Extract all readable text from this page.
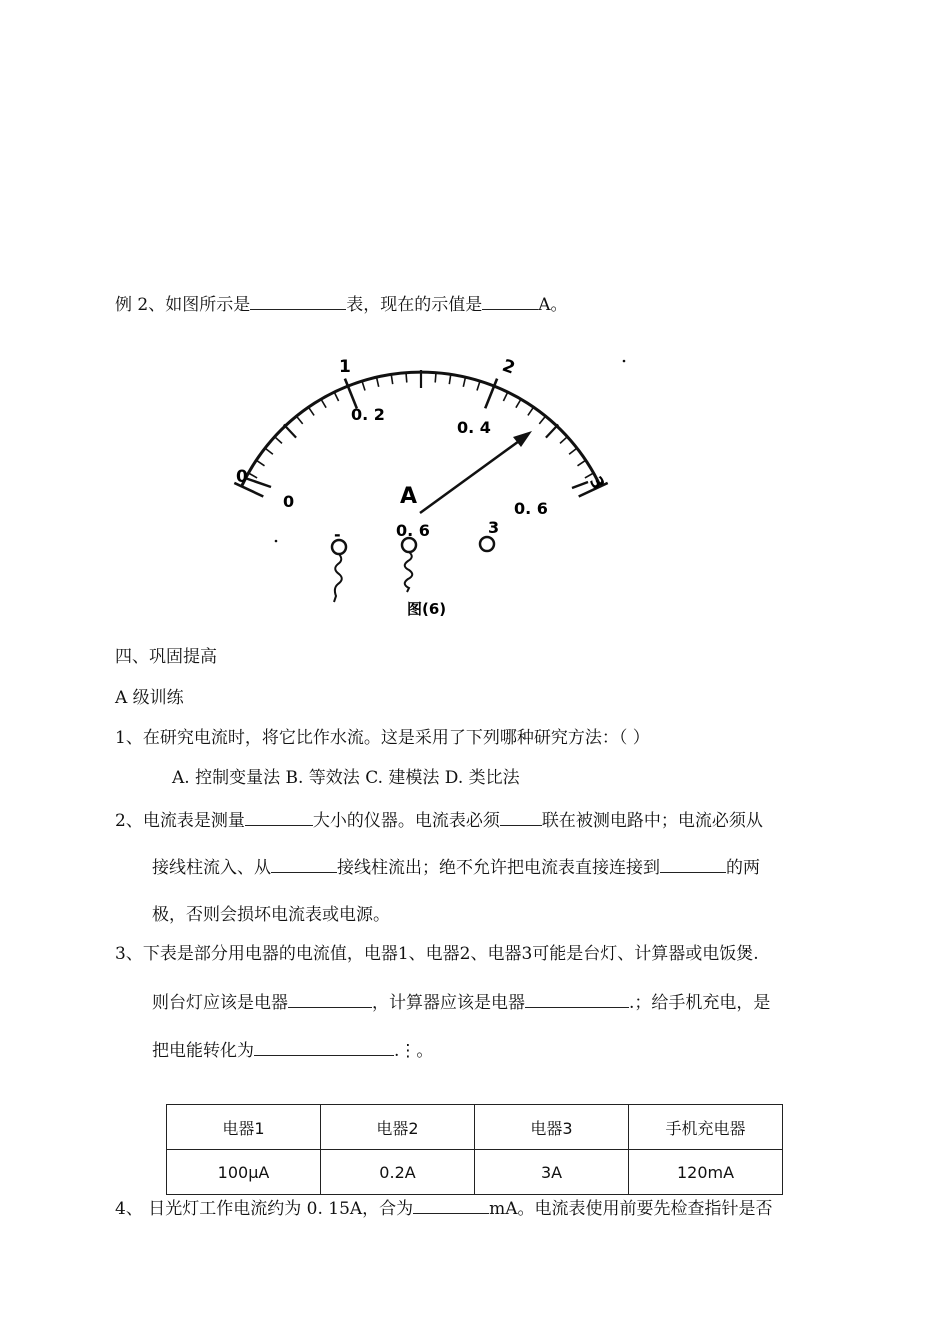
例 2、如图所示是	表，现在的示值是	A。
0
1	2
3
0
0. 2
0. 4
0. 6
A
-	0. 6	3
图(6)
四、巩固提高
A 级训练
1、在研究电流时，将它比作水流。这是采用了下列哪种研究方法：（ ）
A. 控制变量法 B. 等效法 C. 建模法 D. 类比法
2、电流表是测量	大小的仪器。电流表必须 联在被测电路中；电流必须从
接线柱流入、从	接线柱流出；绝不允许把电流表直接连接到	的两
极，否则会损坏电流表或电源。
3、下表是部分用电器的电流值，电器1、电器2、电器3可能是台灯、计算器或电饭煲.
则台灯应该是电器	，计算器应该是电器	.；给手机充电，是
把电能转化为	.⋮。
电器1	电器2	电器3	手机充电器
100μA	0.2A	3A	120mA
4、 日光灯工作电流约为 0. 15A，合为	mA。电流表使用前要先检查指针是否
